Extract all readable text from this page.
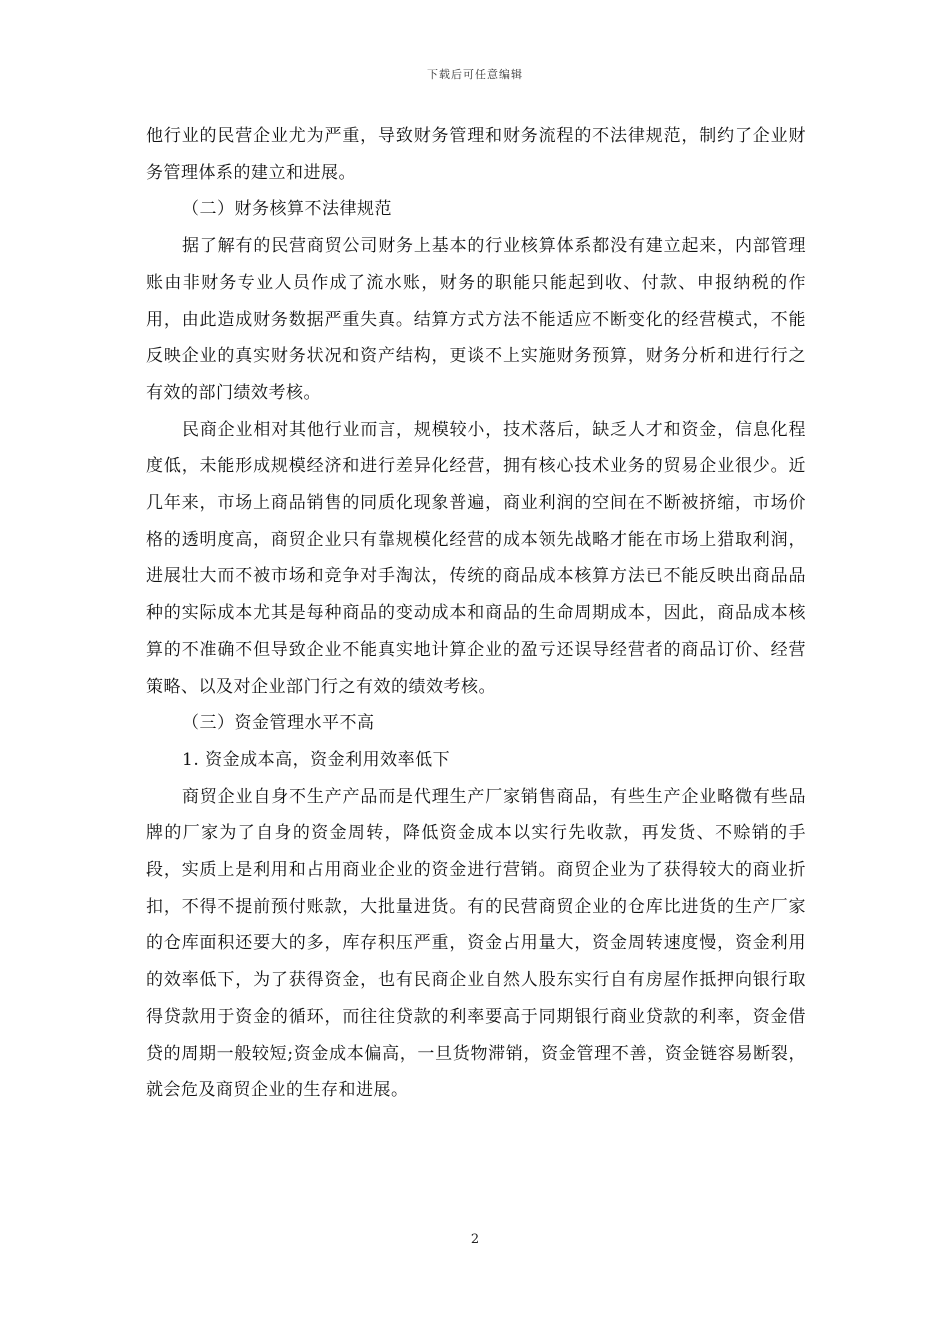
下载后可任意编辑

他行业的民营企业尤为严重，导致财务管理和财务流程的不法律规范，制约了企业财务管理体系的建立和进展。

（二）财务核算不法律规范

据了解有的民营商贸公司财务上基本的行业核算体系都没有建立起来，内部管理账由非财务专业人员作成了流水账，财务的职能只能起到收、付款、申报纳税的作用，由此造成财务数据严重失真。结算方式方法不能适应不断变化的经营模式，不能反映企业的真实财务状况和资产结构，更谈不上实施财务预算，财务分析和进行行之有效的部门绩效考核。

民商企业相对其他行业而言，规模较小，技术落后，缺乏人才和资金，信息化程度低，未能形成规模经济和进行差异化经营，拥有核心技术业务的贸易企业很少。近几年来，市场上商品销售的同质化现象普遍，商业利润的空间在不断被挤缩，市场价格的透明度高，商贸企业只有靠规模化经营的成本领先战略才能在市场上猎取利润，进展壮大而不被市场和竞争对手淘汰，传统的商品成本核算方法已不能反映出商品品种的实际成本尤其是每种商品的变动成本和商品的生命周期成本，因此，商品成本核算的不准确不但导致企业不能真实地计算企业的盈亏还误导经营者的商品订价、经营策略、以及对企业部门行之有效的绩效考核。

（三）资金管理水平不高

1. 资金成本高，资金利用效率低下

商贸企业自身不生产产品而是代理生产厂家销售商品，有些生产企业略微有些品牌的厂家为了自身的资金周转，降低资金成本以实行先收款，再发货、不赊销的手段，实质上是利用和占用商业企业的资金进行营销。商贸企业为了获得较大的商业折扣，不得不提前预付账款，大批量进货。有的民营商贸企业的仓库比进货的生产厂家的仓库面积还要大的多，库存积压严重，资金占用量大，资金周转速度慢，资金利用的效率低下，为了获得资金，也有民商企业自然人股东实行自有房屋作抵押向银行取得贷款用于资金的循环，而往往贷款的利率要高于同期银行商业贷款的利率，资金借贷的周期一般较短;资金成本偏高，一旦货物滞销，资金管理不善，资金链容易断裂，就会危及商贸企业的生存和进展。

2
